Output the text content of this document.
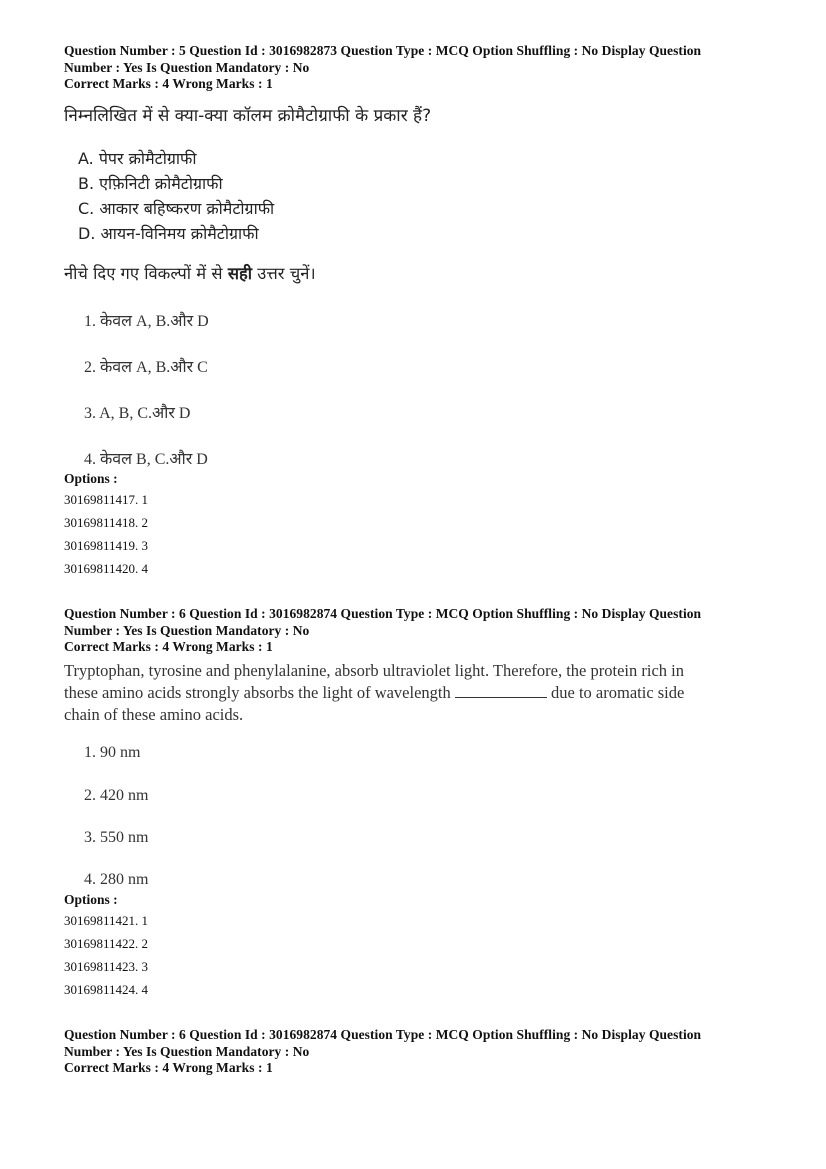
Question Number : 5 Question Id : 3016982873 Question Type : MCQ Option Shuffling : No Display Question
Number : Yes Is Question Mandatory : No
Correct Marks : 4 Wrong Marks : 1
निम्नलिखित में से क्या-क्या कॉलम क्रोमैटोग्राफी के प्रकार हैं?
A. पेपर क्रोमैटोग्राफी
B. एफ़िनिटी क्रोमैटोग्राफी
C. आकार बहिष्करण क्रोमैटोग्राफी
D. आयन-विनिमय क्रोमैटोग्राफी
नीचे दिए गए विकल्पों में से सही उत्तर चुनें।
1. केवल A, B.और D
2. केवल A, B.और C
3. A, B, C.और D
4. केवल B, C.और D
Options :
30169811417. 1
30169811418. 2
30169811419. 3
30169811420. 4
Question Number : 6 Question Id : 3016982874 Question Type : MCQ Option Shuffling : No Display Question
Number : Yes Is Question Mandatory : No
Correct Marks : 4 Wrong Marks : 1
Tryptophan, tyrosine and phenylalanine, absorb ultraviolet light. Therefore, the protein rich in
these amino acids strongly absorbs the light of wavelength	due to aromatic side
chain of these amino acids.
1. 90 nm
2. 420 nm
3. 550 nm
4. 280 nm
Options :
30169811421. 1
30169811422. 2
30169811423. 3
30169811424. 4
Question Number : 6 Question Id : 3016982874 Question Type : MCQ Option Shuffling : No Display Question
Number : Yes Is Question Mandatory : No
Correct Marks : 4 Wrong Marks : 1
